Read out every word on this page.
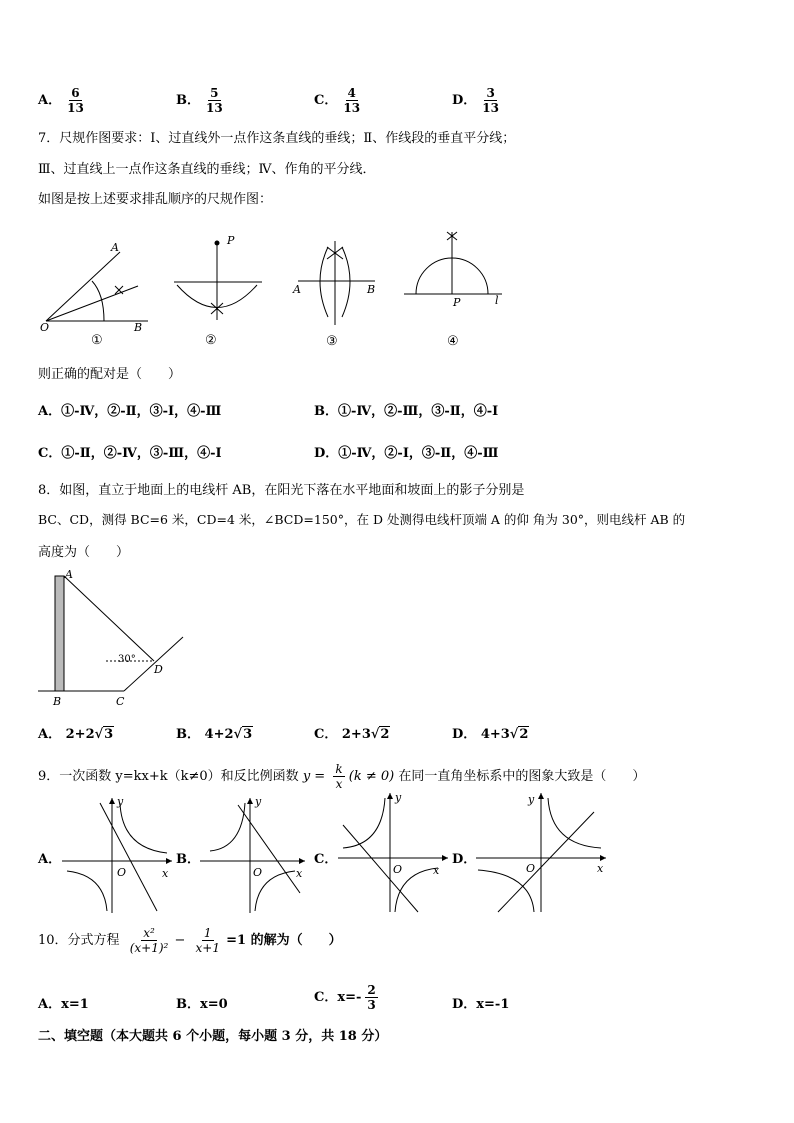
A． $\frac{6}{13}$	B． $\frac{5}{13}$	C． $\frac{4}{13}$	D． $\frac{3}{13}$
7．尺规作图要求：Ⅰ、过直线外一点作这条直线的垂线；Ⅱ、作线段的垂直平分线；
Ⅲ、过直线上一点作这条直线的垂线；Ⅳ、作角的平分线．
如图是按上述要求排乱顺序的尺规作图：
A
O	B
①
P
②
A	B
③
P	l
④
则正确的配对是（　　）
A．①-Ⅳ，②-Ⅱ，③-Ⅰ，④-Ⅲ	B．①-Ⅳ，②-Ⅲ，③-Ⅱ，④-Ⅰ
C．①-Ⅱ，②-Ⅳ，③-Ⅲ，④-Ⅰ	D．①-Ⅳ，②-Ⅰ，③-Ⅱ，④-Ⅲ
8．如图，直立于地面上的电线杆 AB，在阳光下落在水平地面和坡面上的影子分别是
BC、CD，测得 BC=6 米，CD=4 米，∠BCD=150°，在 D 处测得电线杆顶端 A 的仰 角为 30°，则电线杆 AB 的
高度为（　　）
A
B	C
D
30°
A． 2+2√3	B． 4+2√3	C． 2+3√2	D． 4+3√2
9．一次函数 y=kx+k（k≠0）和反比例函数 $y = \frac{k}{x} (k \ne 0)$ 在同一直角坐标系中的图象大致是（　　）
A．
y
O	x
B．
y
O	x
C．
y
O	x
D．
y
O	x
10．分式方程 $\frac{\text{x²}}{\text{(x+1)²}} - \frac{1}{x+1} =1$ 的解为（　　）
A．x=1	B．x=0	C．$x=- \frac{2}{3}$	D．x=-1
二、填空题（本大题共 6 个小题，每小题 3 分，共 18 分）
